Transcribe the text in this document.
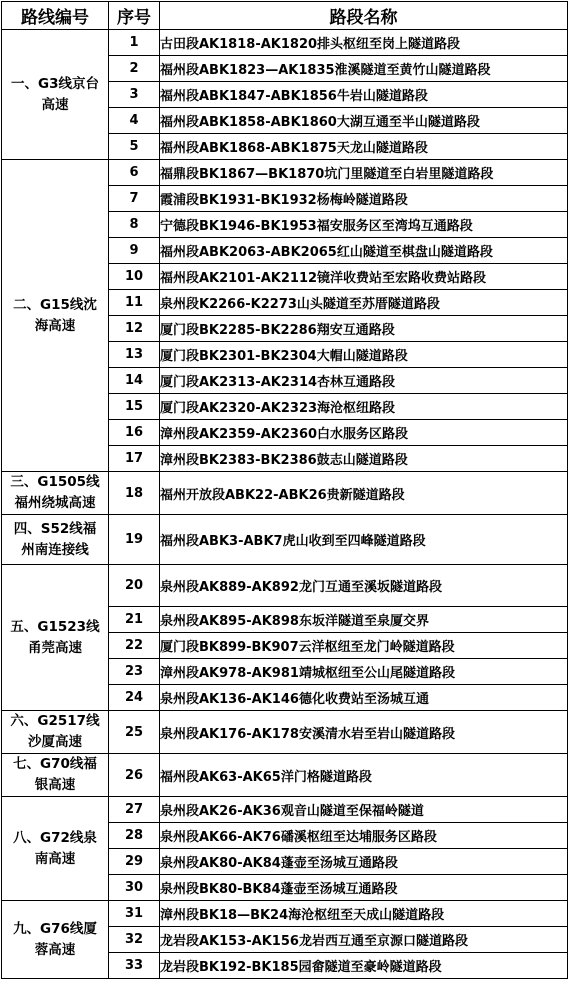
路线编号	序号	路段名称

一、G3线京台
高速	1	古田段AK1818-AK1820排头枢纽至岗上隧道路段
	2	福州段ABK1823—AK1835淮溪隧道至黄竹山隧道路段
	3	福州段ABK1847-ABK1856牛岩山隧道路段
	4	福州段ABK1858-ABK1860大湖互通至半山隧道路段
	5	福州段ABK1868-ABK1875天龙山隧道路段

二、G15线沈
海高速	6	福鼎段BK1867—BK1870坑门里隧道至白岩里隧道路段
	7	霞浦段BK1931-BK1932杨梅岭隧道路段
	8	宁德段BK1946-BK1953福安服务区至湾坞互通路段
	9	福州段ABK2063-ABK2065红山隧道至棋盘山隧道路段
	10	福州段AK2101-AK2112镜洋收费站至宏路收费站路段
	11	泉州段K2266-K2273山头隧道至苏厝隧道路段
	12	厦门段BK2285-BK2286翔安互通路段
	13	厦门段BK2301-BK2304大帽山隧道路段
	14	厦门段AK2313-AK2314杏林互通路段
	15	厦门段AK2320-AK2323海沧枢纽路段
	16	漳州段AK2359-AK2360白水服务区路段
	17	漳州段BK2383-BK2386鼓志山隧道路段

三、G1505线
福州绕城高速	18	福州开放段ABK22-ABK26贵新隧道路段

四、S52线福
州南连接线	19	福州段ABK3-ABK7虎山收到至四峰隧道路段

五、G1523线
甬莞高速	20	泉州段AK889-AK892龙门互通至溪坂隧道路段
	21	泉州段AK895-AK898东坂洋隧道至泉厦交界
	22	厦门段BK899-BK907云洋枢纽至龙门岭隧道路段
	23	漳州段AK978-AK981靖城枢纽至公山尾隧道路段
	24	泉州段AK136-AK146德化收费站至汤城互通

六、G2517线
沙厦高速	25	泉州段AK176-AK178安溪清水岩至岩山隧道路段

七、G70线福
银高速	26	福州段AK63-AK65洋门格隧道路段

八、G72线泉
南高速	27	泉州段AK26-AK36观音山隧道至保福岭隧道
	28	泉州段AK66-AK76磻溪枢纽至达埔服务区路段
	29	泉州段AK80-AK84蓬壶至汤城互通路段
	30	泉州段BK80-BK84蓬壶至汤城互通路段

九、G76线厦
蓉高速	31	漳州段BK18—BK24海沧枢纽至天成山隧道路段
	32	龙岩段AK153-AK156龙岩西互通至京源口隧道路段
	33	龙岩段BK192-BK185园畲隧道至豪岭隧道路段
